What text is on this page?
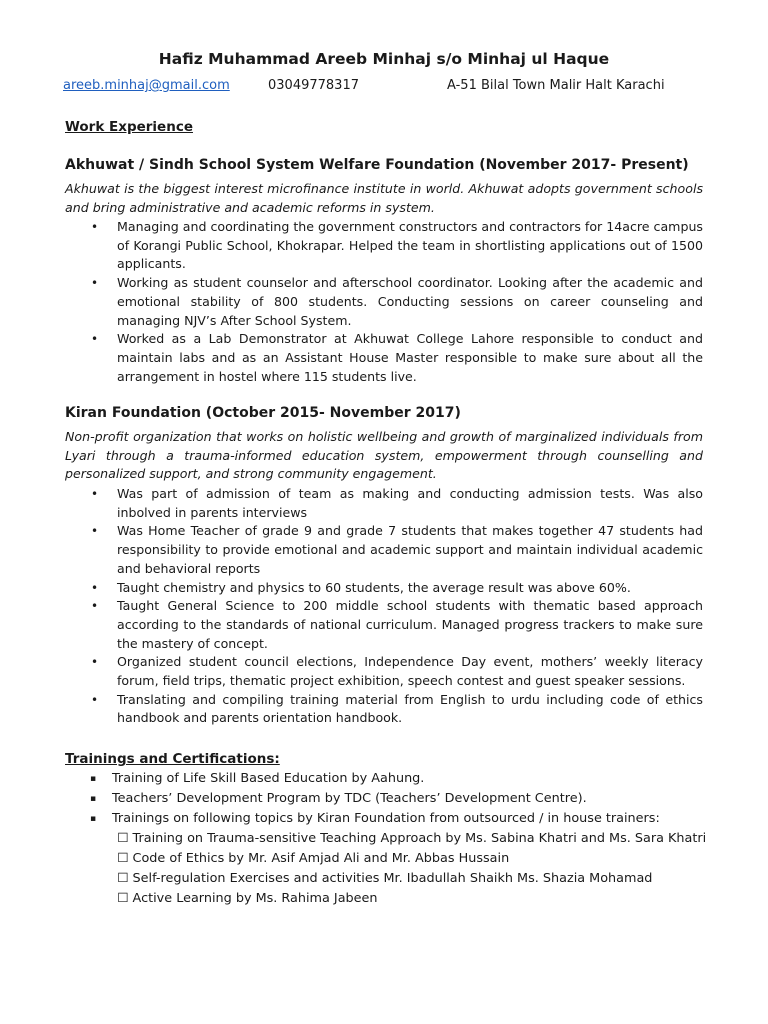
Hafiz Muhammad Areeb Minhaj s/o Minhaj ul Haque
areeb.minhaj@gmail.com	03049778317	A-51 Bilal Town Malir Halt Karachi
Work Experience
Akhuwat / Sindh School System Welfare Foundation (November 2017- Present)
Akhuwat is the biggest interest microfinance institute in world. Akhuwat adopts government schools and bring administrative and academic reforms in system.
• Managing and coordinating the government constructors and contractors for 14acre campus of Korangi Public School, Khokrapar. Helped the team in shortlisting applications out of 1500 applicants.
• Working as student counselor and afterschool coordinator. Looking after the academic and emotional stability of 800 students. Conducting sessions on career counseling and managing NJV’s After School System.
• Worked as a Lab Demonstrator at Akhuwat College Lahore responsible to conduct and maintain labs and as an Assistant House Master responsible to make sure about all the arrangement in hostel where 115 students live.
Kiran Foundation (October 2015- November 2017)
Non-profit organization that works on holistic wellbeing and growth of marginalized individuals from Lyari through a trauma-informed education system, empowerment through counselling and personalized support, and strong community engagement.
• Was part of admission of team as making and conducting admission tests. Was also inbolved in parents interviews
• Was Home Teacher of grade 9 and grade 7 students that makes together 47 students had responsibility to provide emotional and academic support and maintain individual academic and behavioral reports
• Taught chemistry and physics to 60 students, the average result was above 60%.
• Taught General Science to 200 middle school students with thematic based approach according to the standards of national curriculum. Managed progress trackers to make sure the mastery of concept.
• Organized student council elections, Independence Day event, mothers’ weekly literacy forum, field trips, thematic project exhibition, speech contest and guest speaker sessions.
• Translating and compiling training material from English to urdu including code of ethics handbook and parents orientation handbook.
Trainings and Certifications:
▪ Training of Life Skill Based Education by Aahung.
▪ Teachers’ Development Program by TDC (Teachers’ Development Centre).
▪ Trainings on following topics by Kiran Foundation from outsourced / in house trainers:
☐ Training on Trauma-sensitive Teaching Approach by Ms. Sabina Khatri and Ms. Sara Khatri
☐ Code of Ethics by Mr. Asif Amjad Ali and Mr. Abbas Hussain
☐ Self-regulation Exercises and activities Mr. Ibadullah Shaikh Ms. Shazia Mohamad
☐ Active Learning by Ms. Rahima Jabeen
